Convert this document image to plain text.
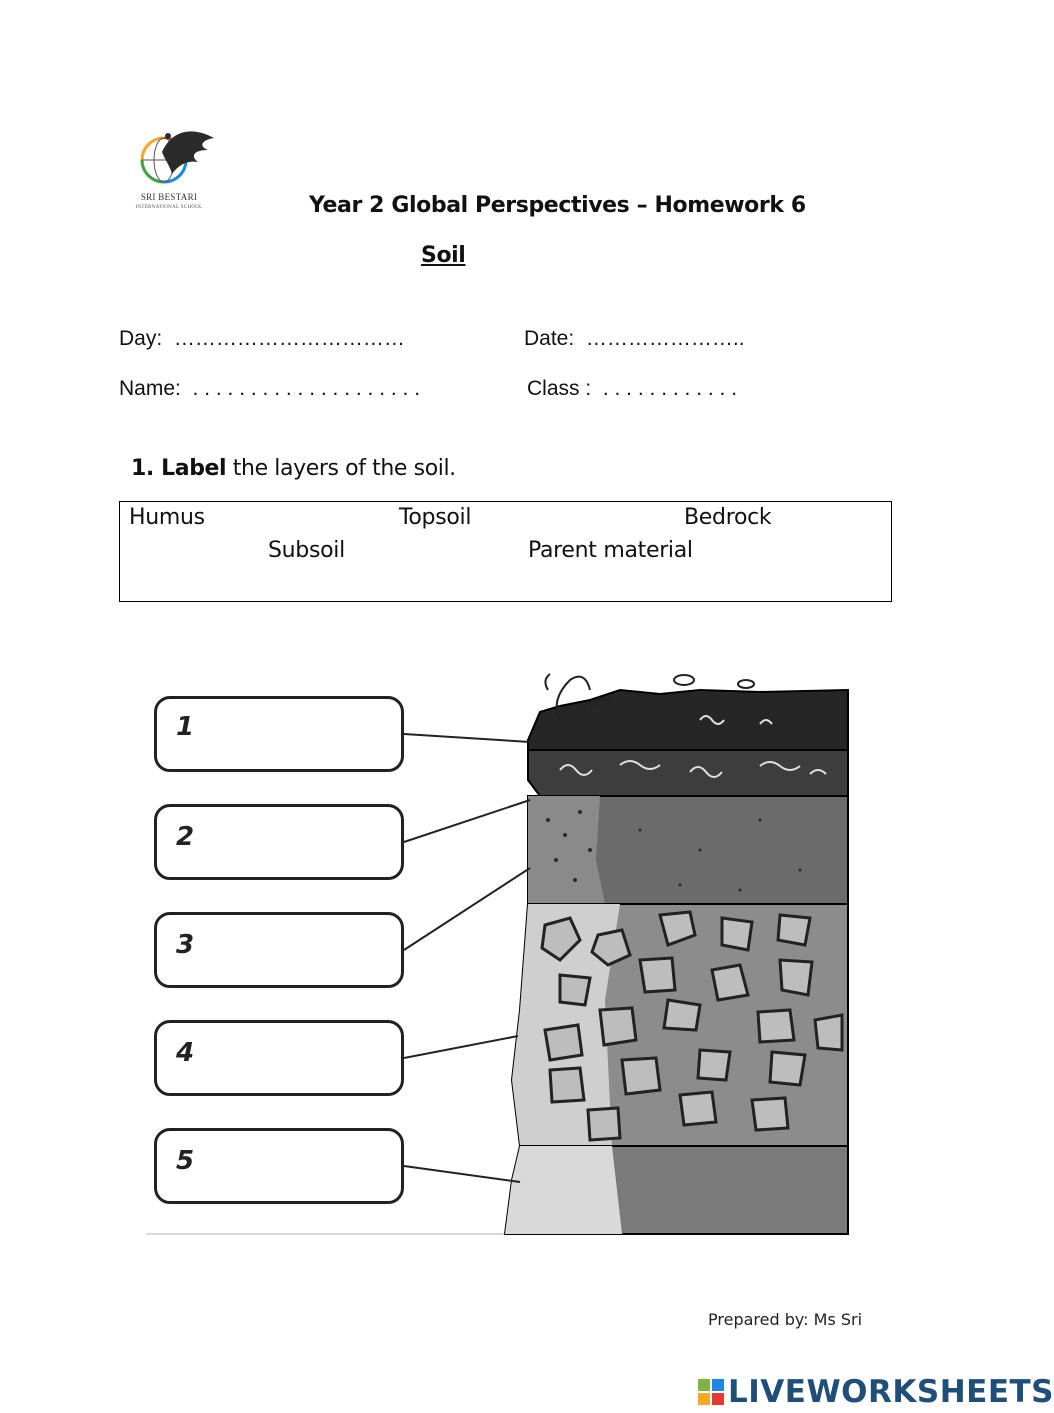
SRI BESTARI
INTERNATIONAL SCHOOL	Year 2 Global Perspectives – Homework 6
Soil
Day:  ……………………………	Date:  …………………..
Name:  . . . . . . . . . . . . . . . . . . . .	Class :  . . . . . . . . . . . .
1. Label the layers of the soil.
Humus	Topsoil	Bedrock
Subsoil	Parent material
1
2
3
4
5
Prepared by: Ms Sri
LIVEWORKSHEETS
